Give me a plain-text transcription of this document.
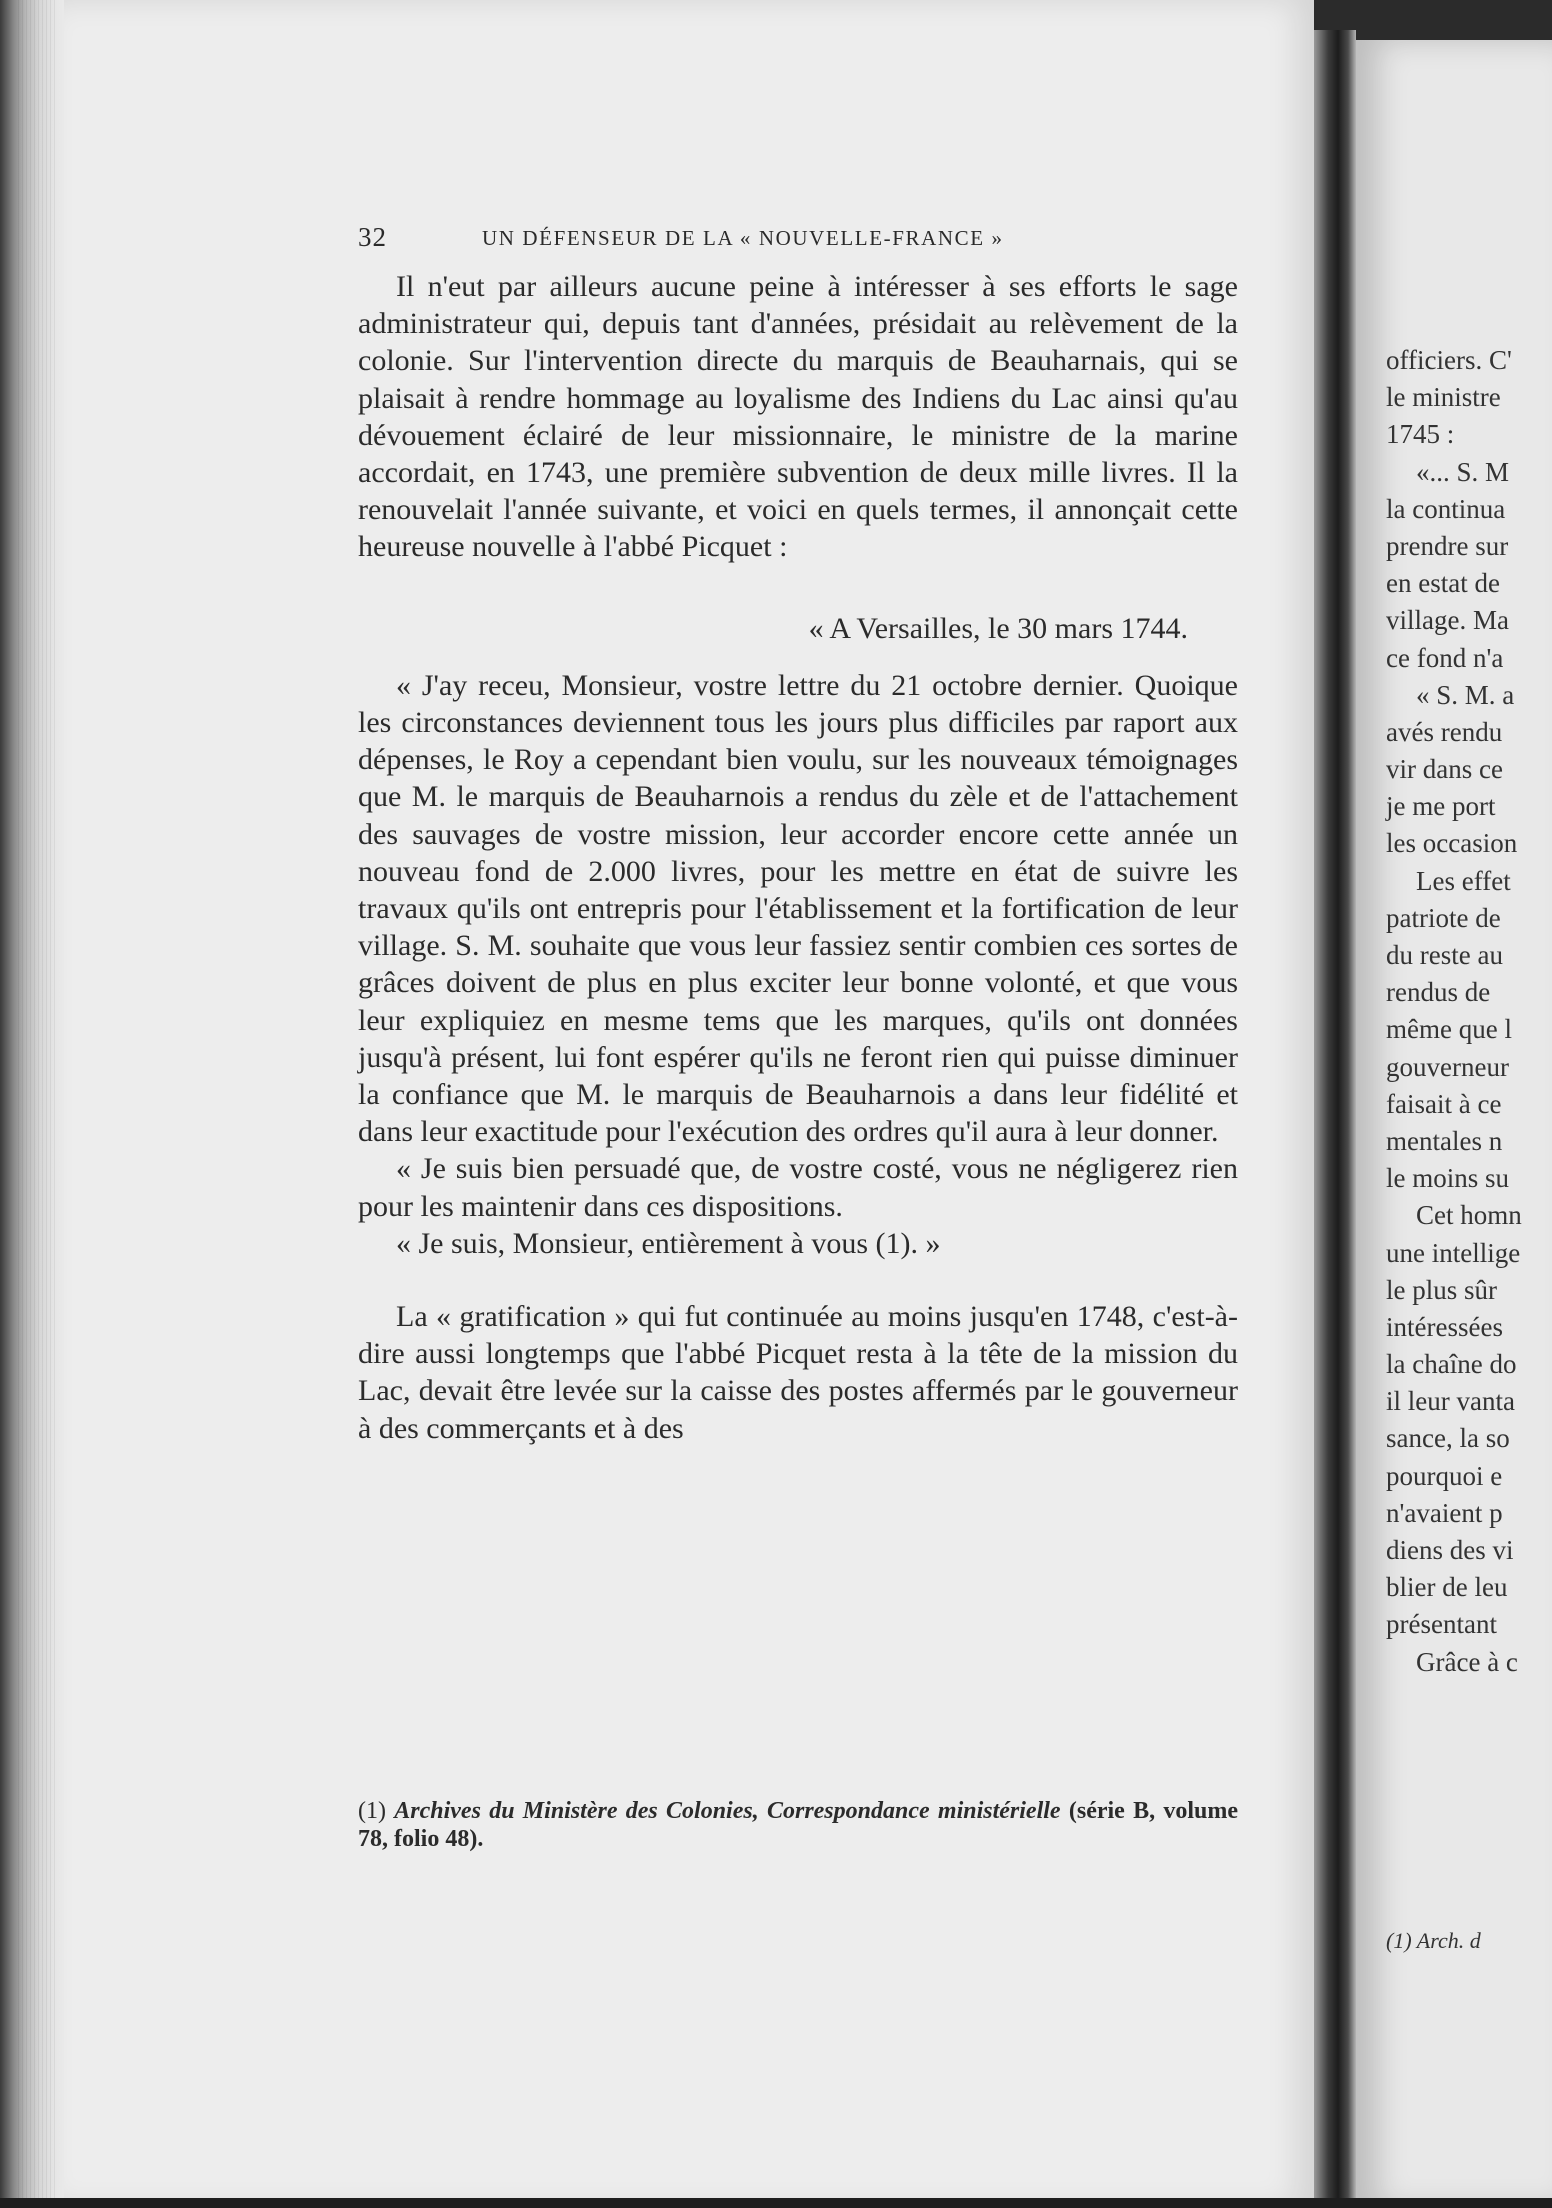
officiers. C'
le ministre
1745 :
«... S. M
la continua
prendre sur
en estat de
village. Ma
ce fond n'a
« S. M. a
avés rendu
vir dans ce
je me port
les occasion
Les effet
patriote de
du reste au
rendus de
même que l
gouverneur
faisait à ce
mentales n
le moins su
Cet homn
une intellige
le plus sûr
intéressées
la chaîne do
il leur vanta
sance, la so
pourquoi e
n'avaient p
diens des vi
blier de leu
présentant
Grâce à c
(1) Arch. d
32	UN DÉFENSEUR DE LA « NOUVELLE-FRANCE »

Il n'eut par ailleurs aucune peine à intéresser à ses efforts le sage administrateur qui, depuis tant d'années, présidait au relèvement de la colonie. Sur l'intervention directe du marquis de Beauharnais, qui se plaisait à rendre hommage au loyalisme des Indiens du Lac ainsi qu'au dévouement éclairé de leur missionnaire, le ministre de la marine accordait, en 1743, une première subvention de deux mille livres. Il la renouvelait l'année suivante, et voici en quels termes, il annonçait cette heureuse nouvelle à l'abbé Picquet :

« A Versailles, le 30 mars 1744.

« J'ay receu, Monsieur, vostre lettre du 21 octobre dernier. Quoique les circonstances deviennent tous les jours plus difficiles par raport aux dépenses, le Roy a cependant bien voulu, sur les nouveaux témoignages que M. le marquis de Beauharnois a rendus du zèle et de l'attachement des sauvages de vostre mission, leur accorder encore cette année un nouveau fond de 2.000 livres, pour les mettre en état de suivre les travaux qu'ils ont entrepris pour l'établissement et la fortification de leur village. S. M. souhaite que vous leur fassiez sentir combien ces sortes de grâces doivent de plus en plus exciter leur bonne volonté, et que vous leur expliquiez en mesme tems que les marques, qu'ils ont données jusqu'à présent, lui font espérer qu'ils ne feront rien qui puisse diminuer la confiance que M. le marquis de Beauharnois a dans leur fidélité et dans leur exactitude pour l'exécution des ordres qu'il aura à leur donner.

« Je suis bien persuadé que, de vostre costé, vous ne négligerez rien pour les maintenir dans ces dispositions.

« Je suis, Monsieur, entièrement à vous (1). »

La « gratification » qui fut continuée au moins jusqu'en 1748, c'est-à-dire aussi longtemps que l'abbé Picquet resta à la tête de la mission du Lac, devait être levée sur la caisse des postes affermés par le gouverneur à des commerçants et à des

(1) Archives du Ministère des Colonies, Correspondance ministérielle (série B, volume 78, folio 48).
